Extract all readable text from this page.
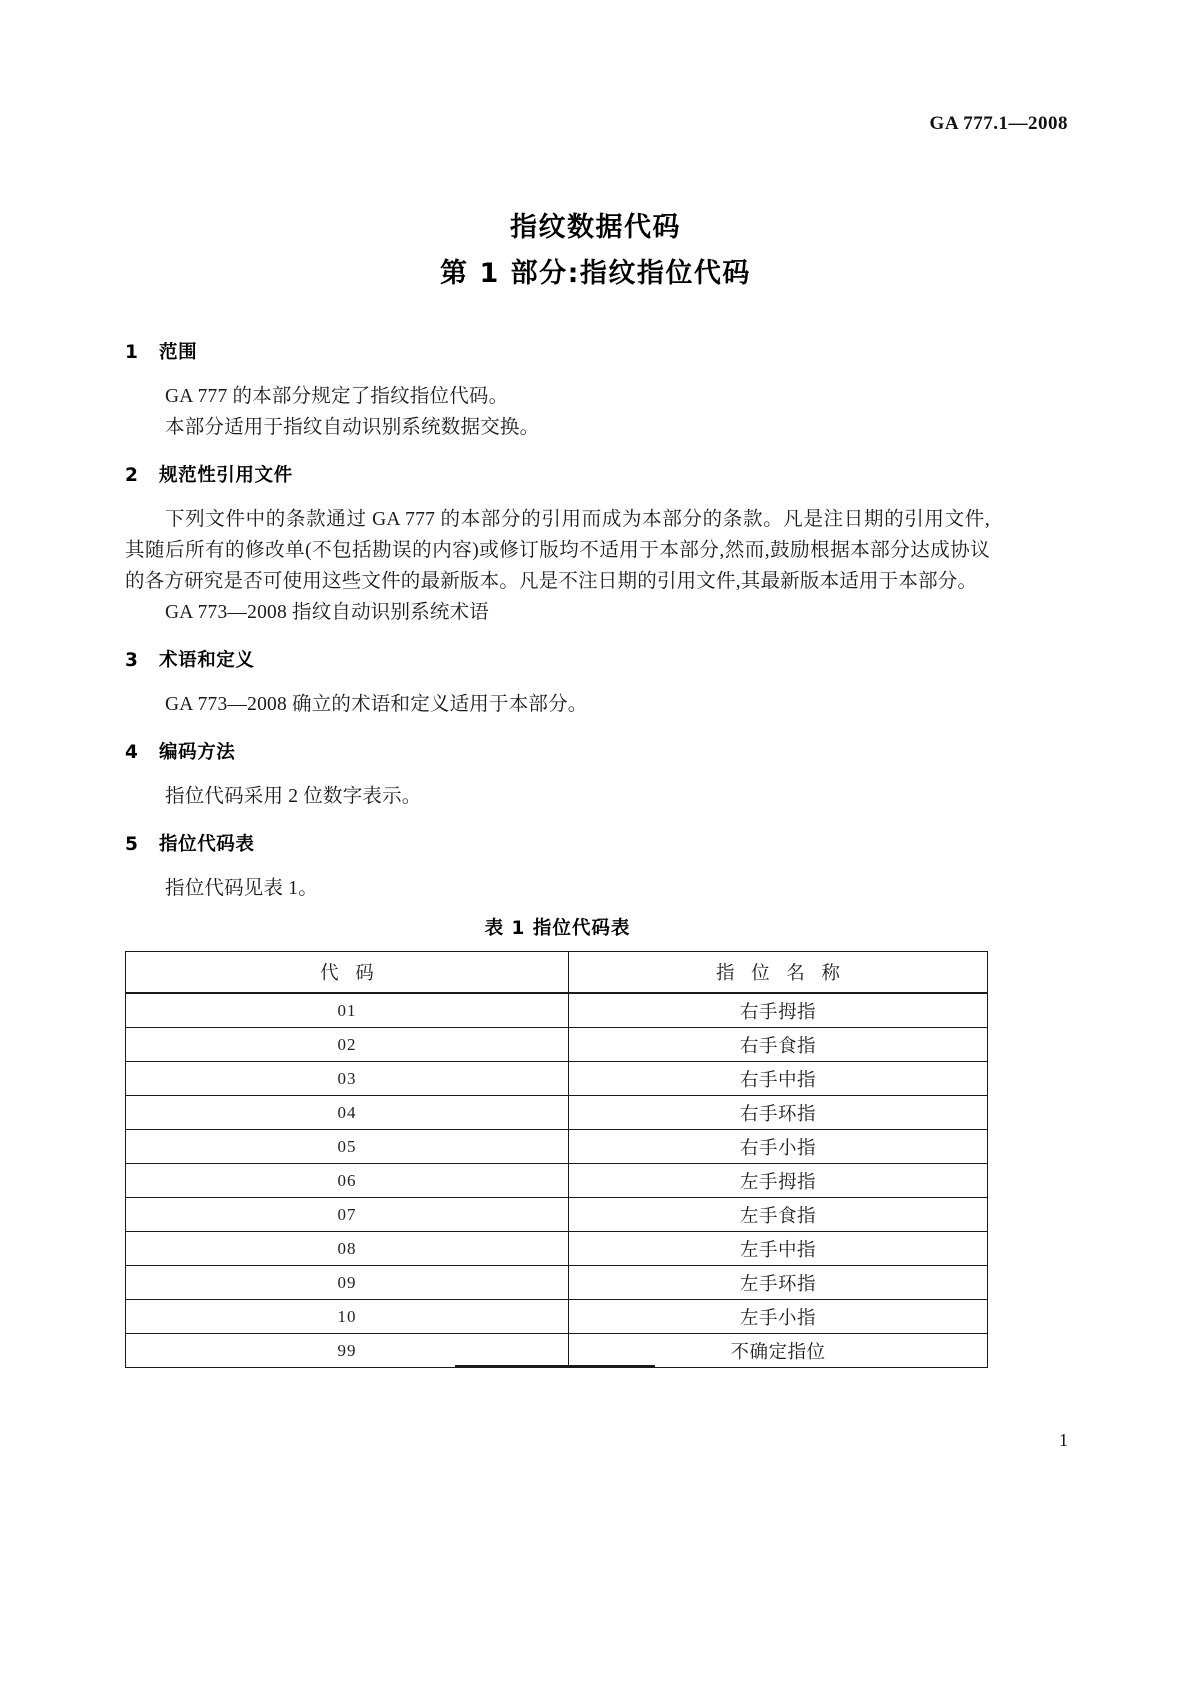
GA 777.1—2008
指纹数据代码
第 1 部分:指纹指位代码
1 范围

GA 777 的本部分规定了指纹指位代码。

本部分适用于指纹自动识别系统数据交换。

2 规范性引用文件

下列文件中的条款通过 GA 777 的本部分的引用而成为本部分的条款。凡是注日期的引用文件,其随后所有的修改单(不包括勘误的内容)或修订版均不适用于本部分,然而,鼓励根据本部分达成协议的各方研究是否可使用这些文件的最新版本。凡是不注日期的引用文件,其最新版本适用于本部分。

GA 773—2008 指纹自动识别系统术语

3 术语和定义

GA 773—2008 确立的术语和定义适用于本部分。

4 编码方法

指位代码采用 2 位数字表示。

5 指位代码表

指位代码见表 1。

表 1 指位代码表
代 码	指 位 名 称
01	右手拇指
02	右手食指
03	右手中指
04	右手环指
05	右手小指
06	左手拇指
07	左手食指
08	左手中指
09	左手环指
10	左手小指
99	不确定指位
1
